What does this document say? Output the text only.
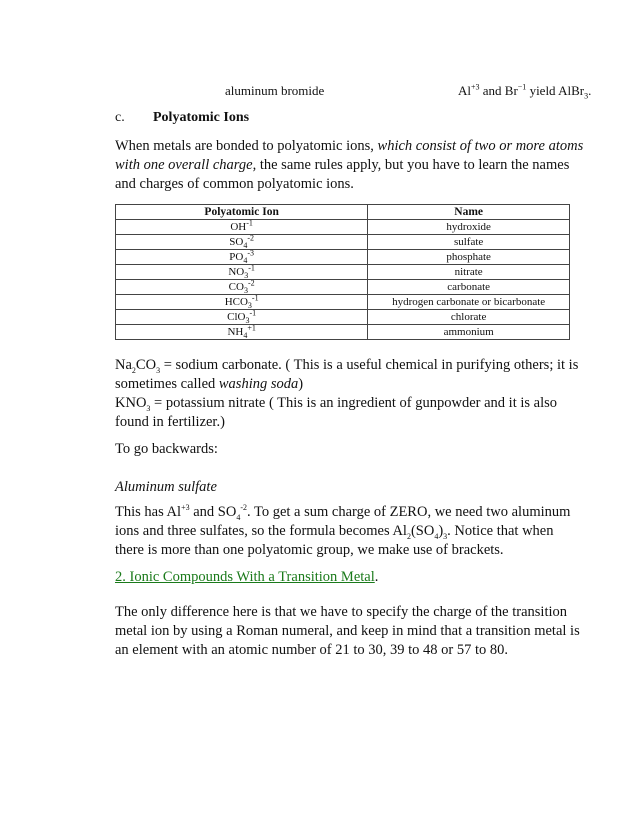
aluminum bromide	$Al^{+3}$ and $Br^{-1}$ yield AlBr$_3$.
c. Polyatomic Ions
When metals are bonded to polyatomic ions, which consist of two or more atoms with one overall charge, the same rules apply, but you have to learn the names and charges of common polyatomic ions.
Polyatomic Ion	Name
$OH^{-1}$	hydroxide
$SO_4^{-2}$	sulfate
$PO_4^{-3}$	phosphate
$NO_3^{-1}$	nitrate
$CO_3^{-2}$	carbonate
$HCO_3^{-1}$	hydrogen carbonate or bicarbonate
ClO$_3^{-1}$	chlorate
$NH_4^{+1}$	ammonium
$Na_2CO_3$ = sodium carbonate. ( This is a useful chemical in purifying others; it is sometimes called washing soda)
$KNO_3$ = potassium nitrate ( This is an ingredient of gunpowder and it is also found in fertilizer.)
To go backwards:
Aluminum sulfate
This has $Al^{+3}$ and $SO_4^{-2}$. To get a sum charge of ZERO, we need two aluminum ions and three sulfates, so the formula becomes $Al_2(SO_4)_3$. Notice that when there is more than one polyatomic group, we make use of brackets.
2. Ionic Compounds With a Transition Metal.
The only difference here is that we have to specify the charge of the transition metal ion by using a Roman numeral, and keep in mind that a transition metal is an element with an atomic number of 21 to 30, 39 to 48 or 57 to 80.
